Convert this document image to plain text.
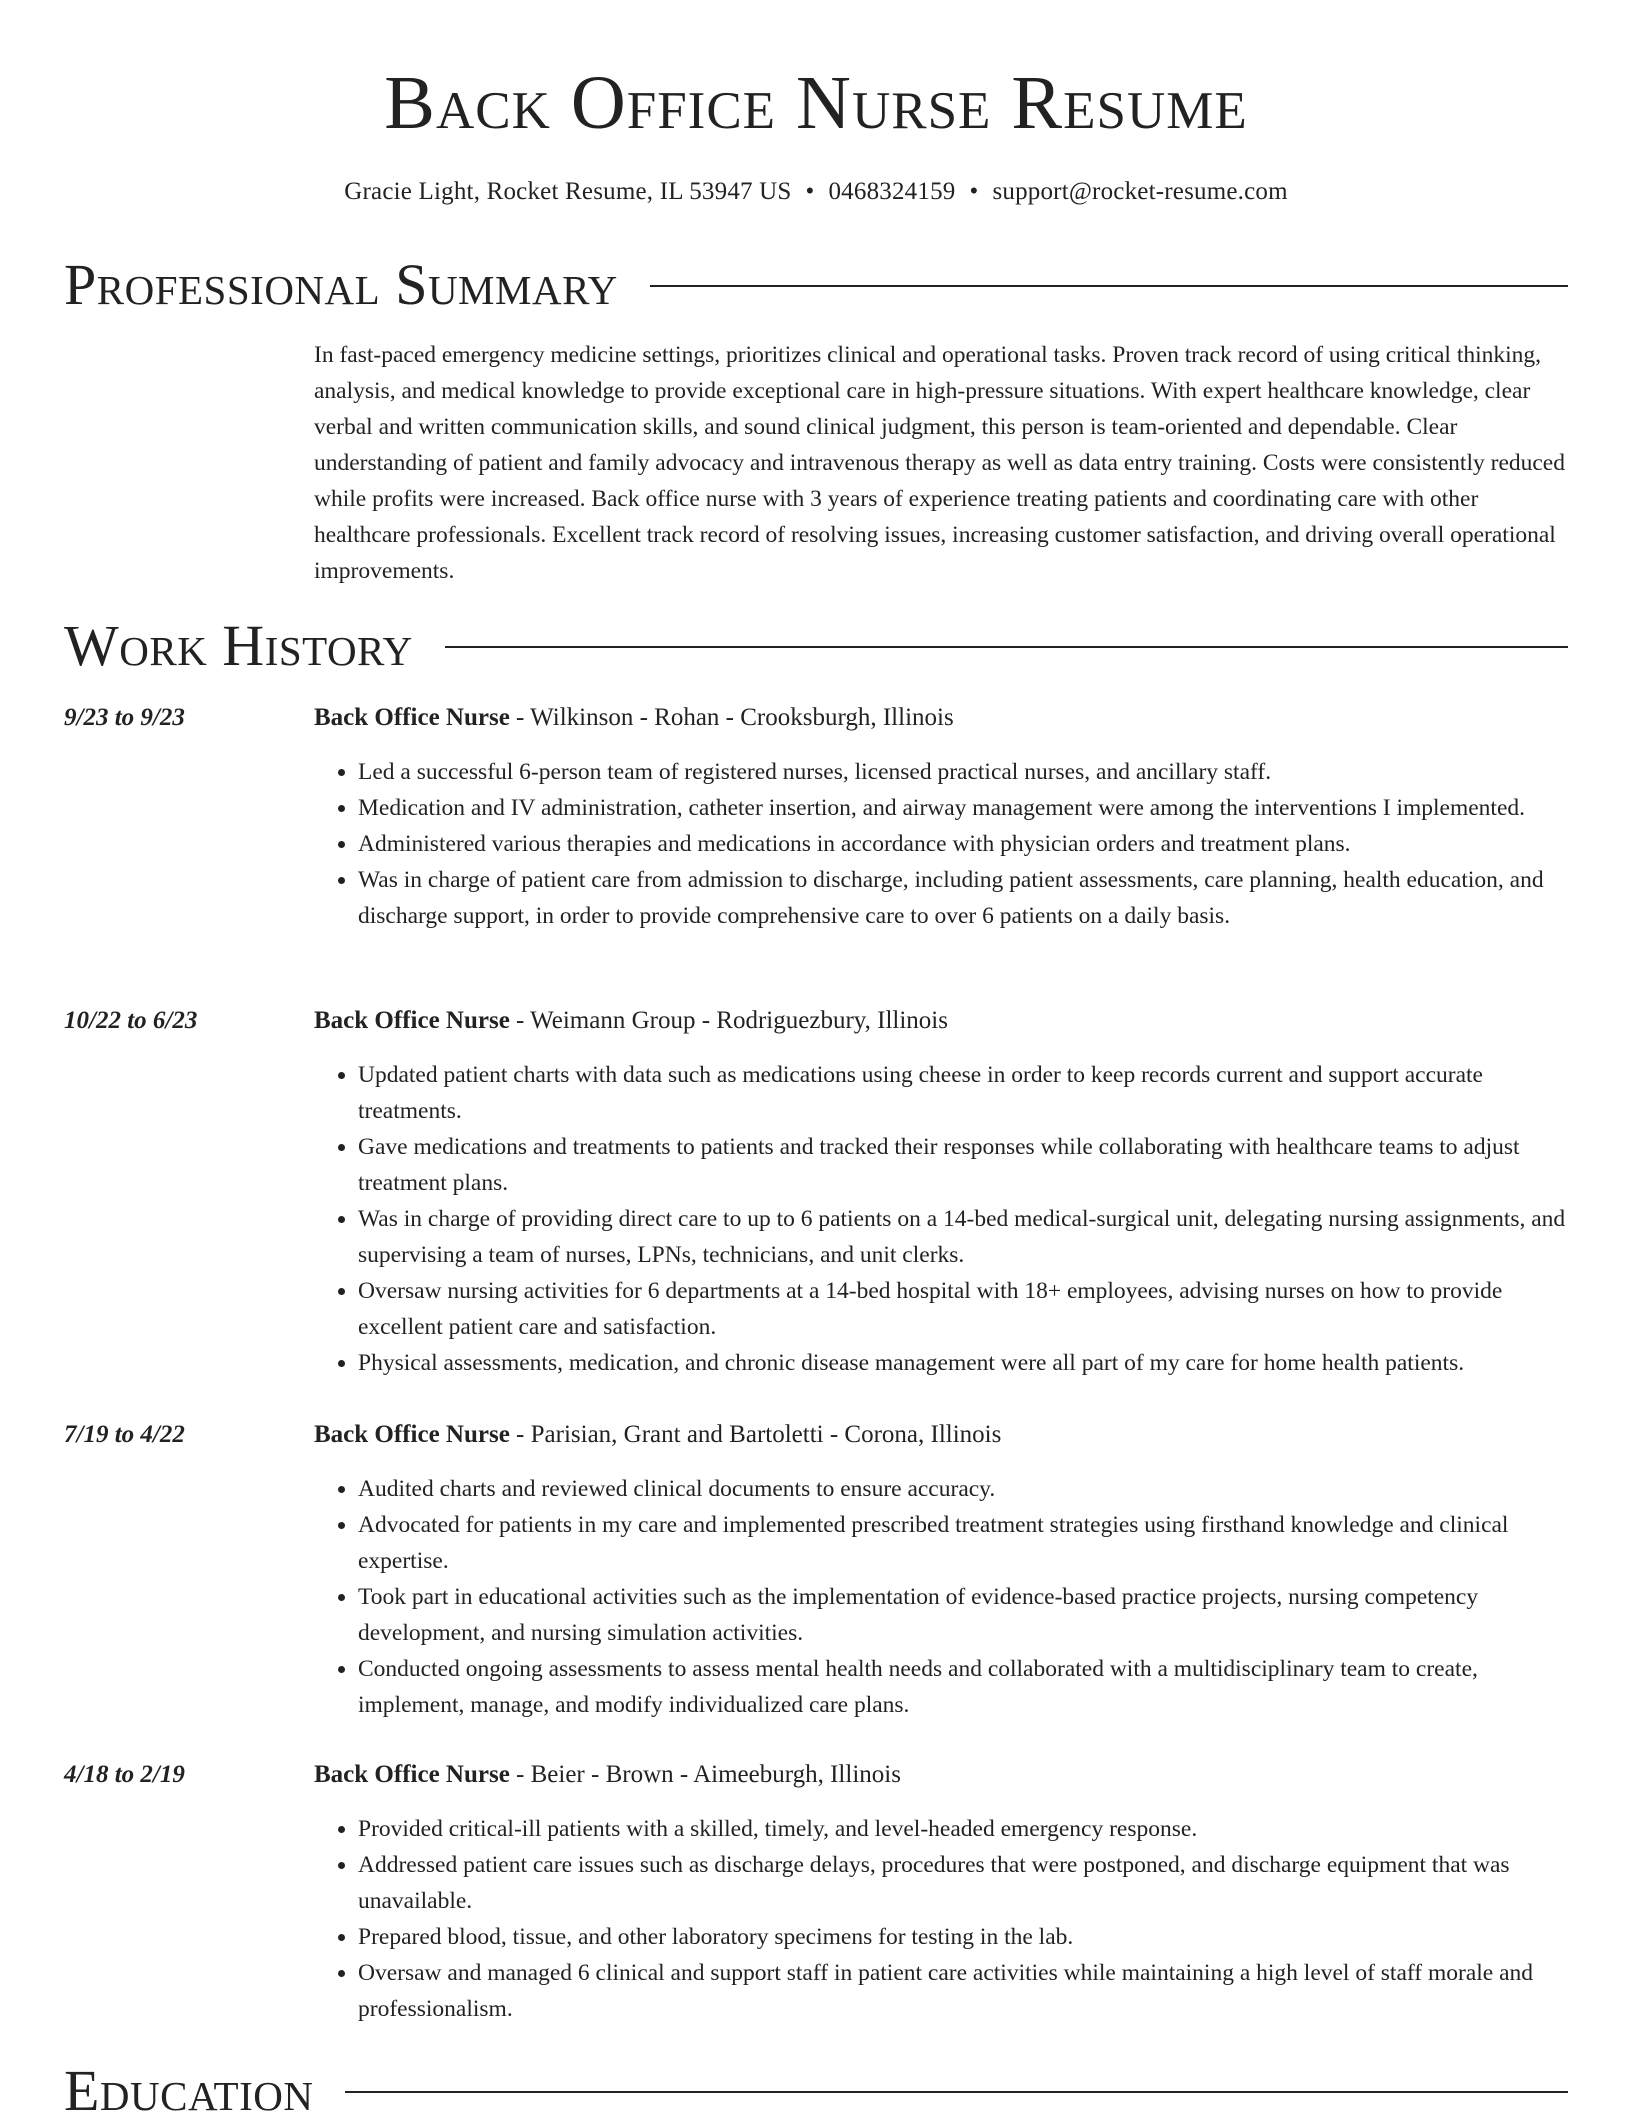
Back Office Nurse Resume
Gracie Light, Rocket Resume, IL 53947 US • 0468324159 • support@rocket-resume.com
Professional Summary

In fast-paced emergency medicine settings, prioritizes clinical and operational tasks. Proven track record of using critical thinking, analysis, and medical knowledge to provide exceptional care in high-pressure situations. With expert healthcare knowledge, clear verbal and written communication skills, and sound clinical judgment, this person is team-oriented and dependable. Clear understanding of patient and family advocacy and intravenous therapy as well as data entry training. Costs were consistently reduced while profits were increased. Back office nurse with 3 years of experience treating patients and coordinating care with other healthcare professionals. Excellent track record of resolving issues, increasing customer satisfaction, and driving overall operational improvements.

Work History
9/23 to 9/23	Back Office Nurse - Wilkinson - Rohan - Crooksburgh, Illinois
• Led a successful 6-person team of registered nurses, licensed practical nurses, and ancillary staff.
• Medication and IV administration, catheter insertion, and airway management were among the interventions I implemented.
• Administered various therapies and medications in accordance with physician orders and treatment plans.
• Was in charge of patient care from admission to discharge, including patient assessments, care planning, health education, and discharge support, in order to provide comprehensive care to over 6 patients on a daily basis.
10/22 to 6/23	Back Office Nurse - Weimann Group - Rodriguezbury, Illinois
• Updated patient charts with data such as medications using cheese in order to keep records current and support accurate treatments.
• Gave medications and treatments to patients and tracked their responses while collaborating with healthcare teams to adjust treatment plans.
• Was in charge of providing direct care to up to 6 patients on a 14-bed medical-surgical unit, delegating nursing assignments, and supervising a team of nurses, LPNs, technicians, and unit clerks.
• Oversaw nursing activities for 6 departments at a 14-bed hospital with 18+ employees, advising nurses on how to provide excellent patient care and satisfaction.
• Physical assessments, medication, and chronic disease management were all part of my care for home health patients.
7/19 to 4/22	Back Office Nurse - Parisian, Grant and Bartoletti - Corona, Illinois
• Audited charts and reviewed clinical documents to ensure accuracy.
• Advocated for patients in my care and implemented prescribed treatment strategies using firsthand knowledge and clinical expertise.
• Took part in educational activities such as the implementation of evidence-based practice projects, nursing competency development, and nursing simulation activities.
• Conducted ongoing assessments to assess mental health needs and collaborated with a multidisciplinary team to create, implement, manage, and modify individualized care plans.
4/18 to 2/19	Back Office Nurse - Beier - Brown - Aimeeburgh, Illinois
• Provided critical-ill patients with a skilled, timely, and level-headed emergency response.
• Addressed patient care issues such as discharge delays, procedures that were postponed, and discharge equipment that was unavailable.
• Prepared blood, tissue, and other laboratory specimens for testing in the lab.
• Oversaw and managed 6 clinical and support staff in patient care activities while maintaining a high level of staff morale and professionalism.
Education
